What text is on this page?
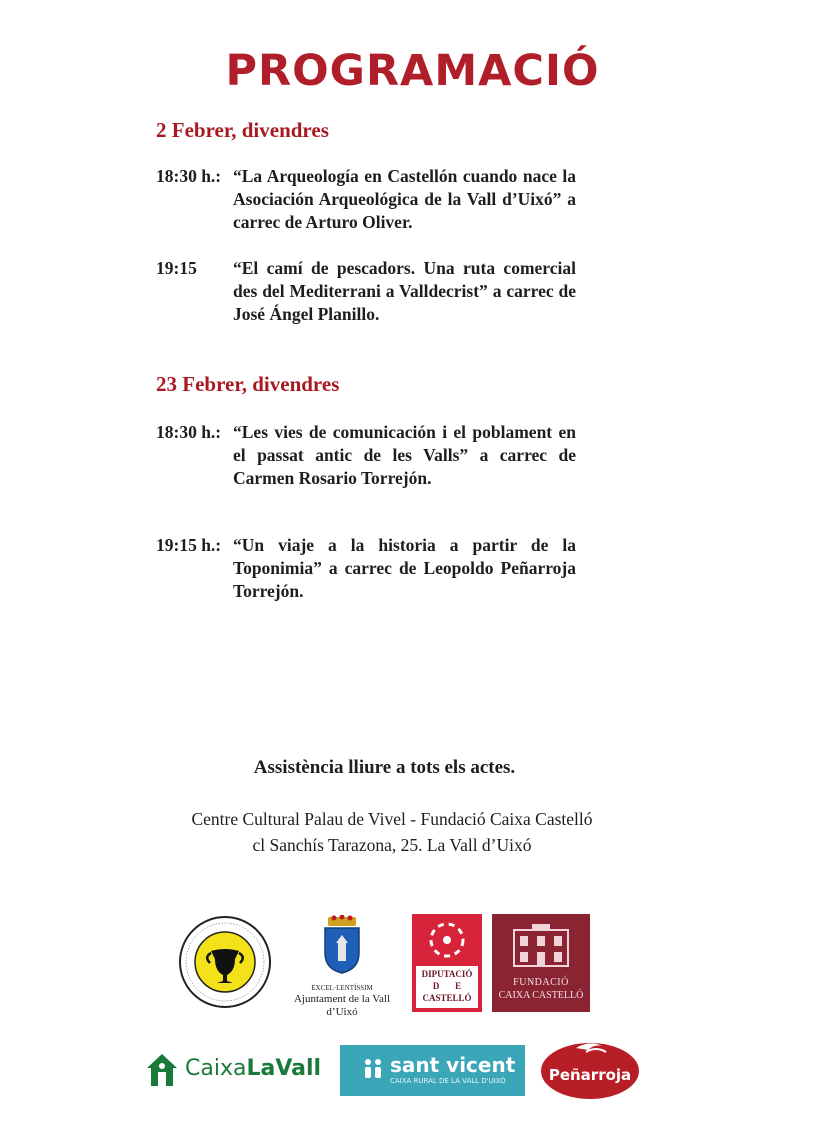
PROGRAMACIÓ
2 Febrer, divendres
18:30 h.: “La Arqueología en Castellón cuando nace la Asociación Arqueológica de la Vall d’Uixó” a carrec de Arturo Oliver.
19:15 “El camí de pescadors. Una ruta comercial des del Mediterrani a Valldecrist” a carrec de José Ángel Planillo.
23 Febrer, divendres
18:30 h.: “Les vies de comunicación i el poblament en el passat antic de les Valls” a carrec de Carmen Rosario Torrejón.
19:15 h.: “Un viaje a la historia a partir de la Toponimia” a carrec de Leopoldo Peñarroja Torrejón.
Assistència lliure a tots els actes.
Centre Cultural Palau de Vivel - Fundació Caixa Castelló
cl Sanchís Tarazona, 25. La Vall d’Uixó
EXCEL·LENTÍSSIM
Ajuntament de la Vall d’Uixó
DIPUTACIÓ
D       E
CASTELLÓ
FUNDACIÓ
CAIXA CASTELLÓ
CaixaLaVall	sant vicent
CAIXA RURAL DE LA VALL D'UIXÓ	Peñarroja
